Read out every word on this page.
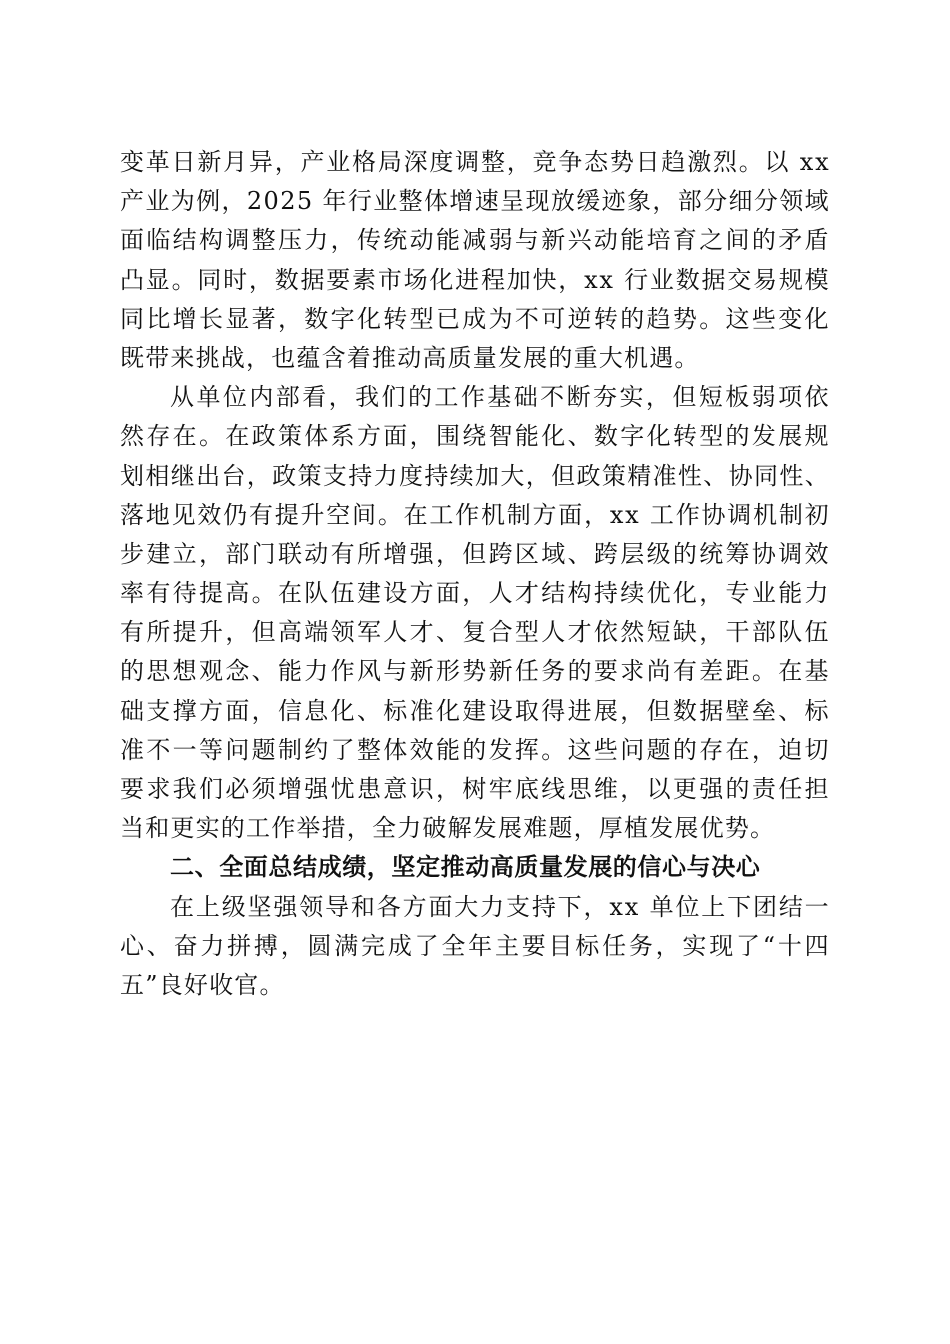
变 革 日 新 月 异 ， 产 业 格 局 深 度 调 整 ， 竞 争 态 势 日 趋 激 烈 。 以
x x
产 业 为 例 ， 2 0 2 5
年 行 业 整 体 增 速 呈 现 放 缓 迹 象 ， 部 分 细 分 领 域
面 临 结 构 调 整 压 力 ， 传 统 动 能 减 弱 与 新 兴 动 能 培 育 之 间 的 矛 盾
凸 显 。 同 时 ， 数 据 要 素 市 场 化 进 程 加 快 ， x x
行 业 数 据 交 易 规 模
同 比 增 长 显 著 ， 数 字 化 转 型 已 成 为 不 可 逆 转 的 趋 势 。 这 些 变 化
既带来挑战，也蕴含着推动高质量发展的重大机遇。
从 单 位 内 部 看 ， 我 们 的 工 作 基 础 不 断 夯 实 ， 但 短 板 弱 项 依
然 存 在 。 在 政 策 体 系 方 面 ， 围 绕 智 能 化 、 数 字 化 转 型 的 发 展 规
划 相 继 出 台 ， 政 策 支 持 力 度 持 续 加 大 ， 但 政 策 精 准 性 、 协 同 性 、
落 地 见 效 仍 有 提 升 空 间 。 在 工 作 机 制 方 面 ， x x
工 作 协 调 机 制 初
步 建 立 ， 部 门 联 动 有 所 增 强 ， 但 跨 区 域 、 跨 层 级 的 统 筹 协 调 效
率 有 待 提 高 。 在 队 伍 建 设 方 面 ， 人 才 结 构 持 续 优 化 ， 专 业 能 力
有 所 提 升 ， 但 高 端 领 军 人 才 、 复 合 型 人 才 依 然 短 缺 ， 干 部 队 伍
的 思 想 观 念 、 能 力 作 风 与 新 形 势 新 任 务 的 要 求 尚 有 差 距 。 在 基
础 支 撑 方 面 ， 信 息 化 、 标 准 化 建 设 取 得 进 展 ， 但 数 据 壁 垒 、 标
准 不 一 等 问 题 制 约 了 整 体 效 能 的 发 挥 。 这 些 问 题 的 存 在 ， 迫 切
要 求 我 们 必 须 增 强 忧 患 意 识 ， 树 牢 底 线 思 维 ， 以 更 强 的 责 任 担
当和更实的工作举措，全力破解发展难题，厚植发展优势。
二、全面总结成绩，坚定推动高质量发展的信心与决心
在 上 级 坚 强 领 导 和 各 方 面 大 力 支 持 下 ， x x
单 位 上 下 团 结 一
心 、 奋 力 拼 搏 ， 圆 满 完 成 了 全 年 主 要 目 标 任 务 ， 实 现 了 “ 十 四
五”良好收官。
